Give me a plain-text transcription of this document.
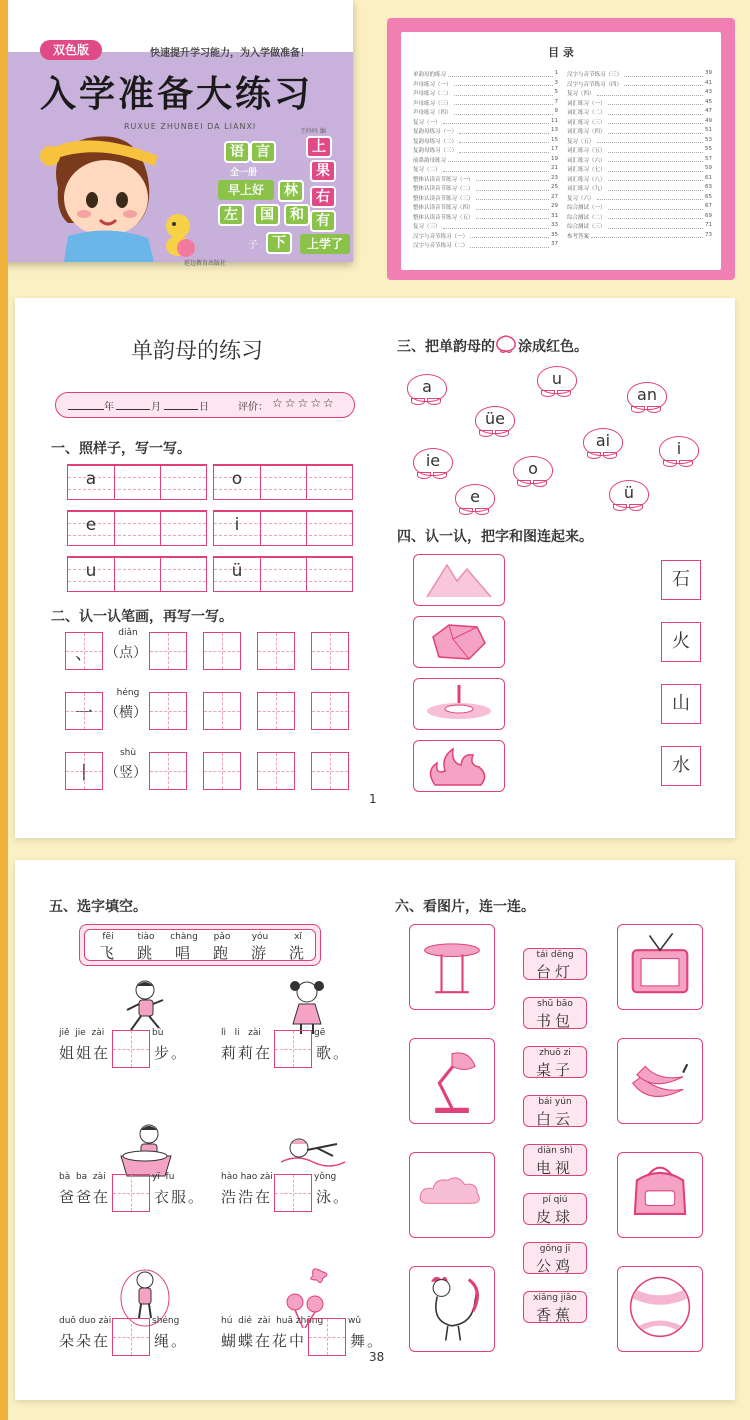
双色版	快速提升学习能力，为入学做准备！
入学准备大练习
RUXUE ZHUNBEI DA LIANXI
语 言
全一册
早上好
左	国	和
林
上
果
右
有
子	下	上学了
王吟吟 编
延边教育出版社
目 录
单韵母的练习	1
声母练习（一）	3
声母练习（二）	5
声母练习（三）	7
声母练习（四）	9
复习（一）	11
复韵母练习（一）	13
复韵母练习（二）	15
复韵母练习（三）	17
前鼻韵母练习	19
复习（二）	21
整体认读音节练习（一）	23
整体认读音节练习（二）	25
整体认读音节练习（三）	27
整体认读音节练习（四）	29
整体认读音节练习（五）	31
复习（三）	33
汉字与音节练习（一）	35
汉字与音节练习（二）	37
汉字与音节练习（三）	39
汉字与音节练习（四）	41
复习（四）	43
词汇练习（一）	45
词汇练习（二）	47
词汇练习（三）	49
词汇练习（四）	51
复习（五）	53
词汇练习（五）	55
词汇练习（六）	57
词汇练习（七）	59
词汇练习（八）	61
词汇练习（九）	63
复习（六）	65
综合测试（一）	67
综合测试（二）	69
综合测试（三）	71
参考答案	73
单韵母的练习
年	月	日	评价： ☆☆☆☆☆
一、照样子，写一写。
a	o
e	i
u	ü
二、认一认笔画，再写一写。
、
diǎn
（点）
一
héng
（横）
丨
shù
（竖）
三、把单韵母的 涂成红色。
a	u
an
üe
ai	i
ie	o
e	ü
四、认一认，把字和图连起来。
石
火
山
水
1
五、选字填空。
fēi
飞
tiào
跳
chàng
唱
pǎo
跑
yóu
游
xǐ
洗
jiě  jie  zài
姐姐在
bù
步。
lì   li   zài
莉莉在
gē
歌。
bà  ba  zài
爸爸在
yī  fu
衣服。
hào hao zài
浩浩在
yǒng
泳。
duǒ duo zài
朵朵在
shéng
绳。
hú  dié  zài  huā zhōng
蝴蝶在花中
wǔ
舞。
六、看图片，连一连。
tái dēng
台灯
shū bāo
书包
zhuō zi
桌子
bái yún
白云
diàn shì
电视
pí qiú
皮球
gōng jī
公鸡
xiāng jiāo
香蕉
38
